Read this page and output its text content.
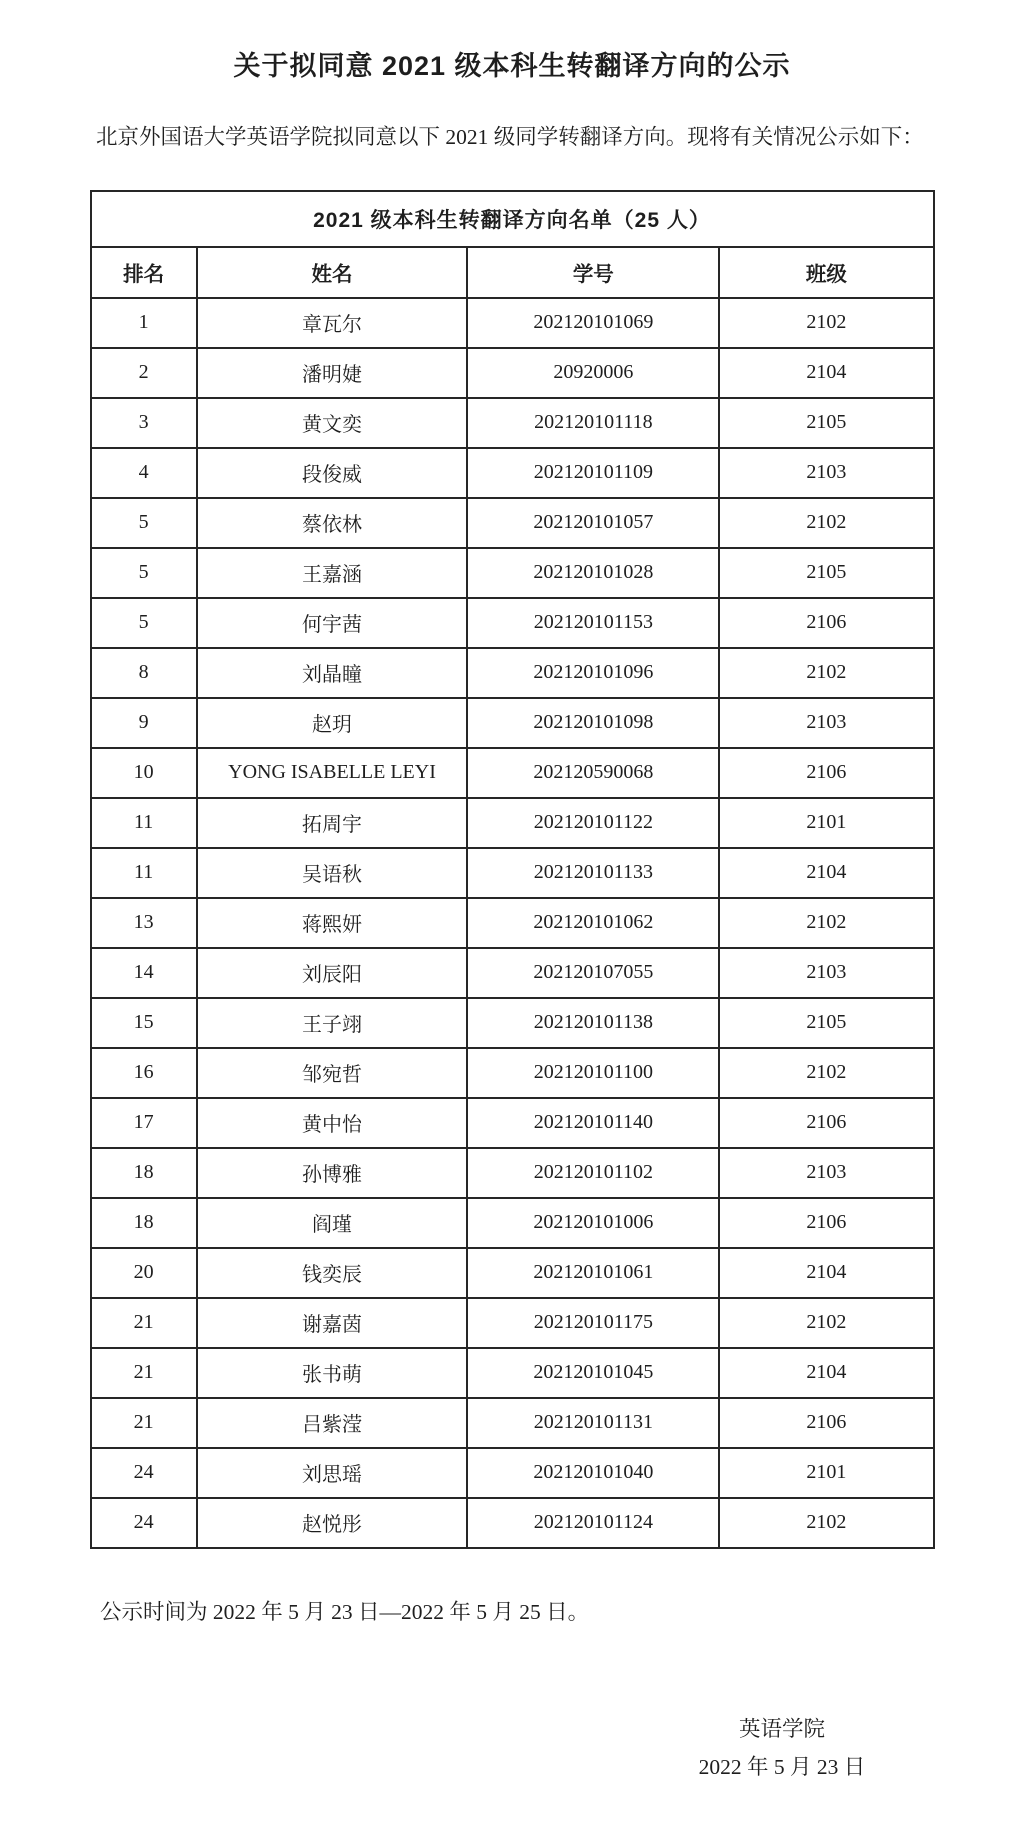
关于拟同意 2021 级本科生转翻译方向的公示

北京外国语大学英语学院拟同意以下 2021 级同学转翻译方向。现将有关情况公示如下：

2021 级本科生转翻译方向名单（25 人）			
排名	姓名	学号	班级
1	章瓦尔	202120101069	2102
2	潘明婕	20920006	2104
3	黄文奕	202120101118	2105
4	段俊威	202120101109	2103
5	蔡依林	202120101057	2102
5	王嘉涵	202120101028	2105
5	何宇茜	202120101153	2106
8	刘晶瞳	202120101096	2102
9	赵玥	202120101098	2103
10	YONG ISABELLE LEYI	202120590068	2106
11	拓周宇	202120101122	2101
11	吴语秋	202120101133	2104
13	蒋熙妍	202120101062	2102
14	刘辰阳	202120107055	2103
15	王子翊	202120101138	2105
16	邹宛哲	202120101100	2102
17	黄中怡	202120101140	2106
18	孙博雅	202120101102	2103
18	阎瑾	202120101006	2106
20	钱奕辰	202120101061	2104
21	谢嘉茵	202120101175	2102
21	张书萌	202120101045	2104
21	吕紫滢	202120101131	2106
24	刘思瑶	202120101040	2101
24	赵悦彤	202120101124	2102

公示时间为 2022 年 5 月 23 日—2022 年 5 月 25 日。

英语学院
2022 年 5 月 23 日
